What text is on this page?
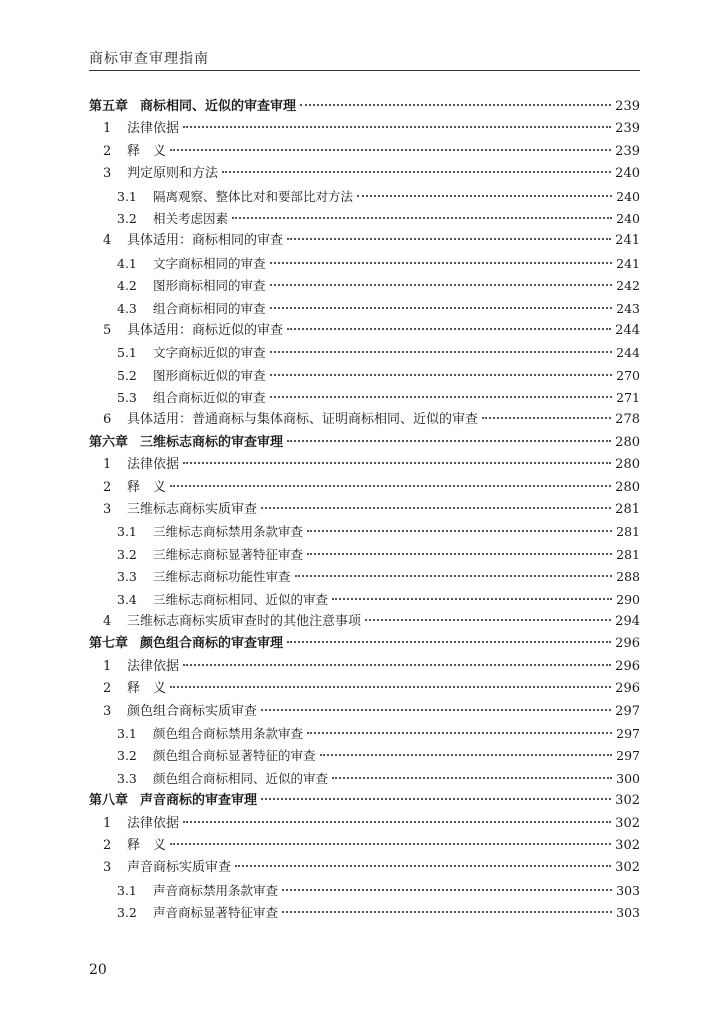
商标审查审理指南
第五章 商标相同、近似的审查审理	239
1	法律依据	239
2	释　义	239
3	判定原则和方法	240
3.1	隔离观察、整体比对和要部比对方法	240
3.2	相关考虑因素	240
4	具体适用：商标相同的审查	241
4.1	文字商标相同的审查	241
4.2	图形商标相同的审查	242
4.3	组合商标相同的审查	243
5	具体适用：商标近似的审查	244
5.1	文字商标近似的审查	244
5.2	图形商标近似的审查	270
5.3	组合商标近似的审查	271
6	具体适用：普通商标与集体商标、证明商标相同、近似的审查	278
第六章 三维标志商标的审查审理	280
1	法律依据	280
2	释　义	280
3	三维标志商标实质审查	281
3.1	三维标志商标禁用条款审查	281
3.2	三维标志商标显著特征审查	281
3.3	三维标志商标功能性审查	288
3.4	三维标志商标相同、近似的审查	290
4	三维标志商标实质审查时的其他注意事项	294
第七章 颜色组合商标的审查审理	296
1	法律依据	296
2	释　义	296
3	颜色组合商标实质审查	297
3.1	颜色组合商标禁用条款审查	297
3.2	颜色组合商标显著特征的审查	297
3.3	颜色组合商标相同、近似的审查	300
第八章 声音商标的审查审理	302
1	法律依据	302
2	释　义	302
3	声音商标实质审查	302
3.1	声音商标禁用条款审查	303
3.2	声音商标显著特征审查	303
20
